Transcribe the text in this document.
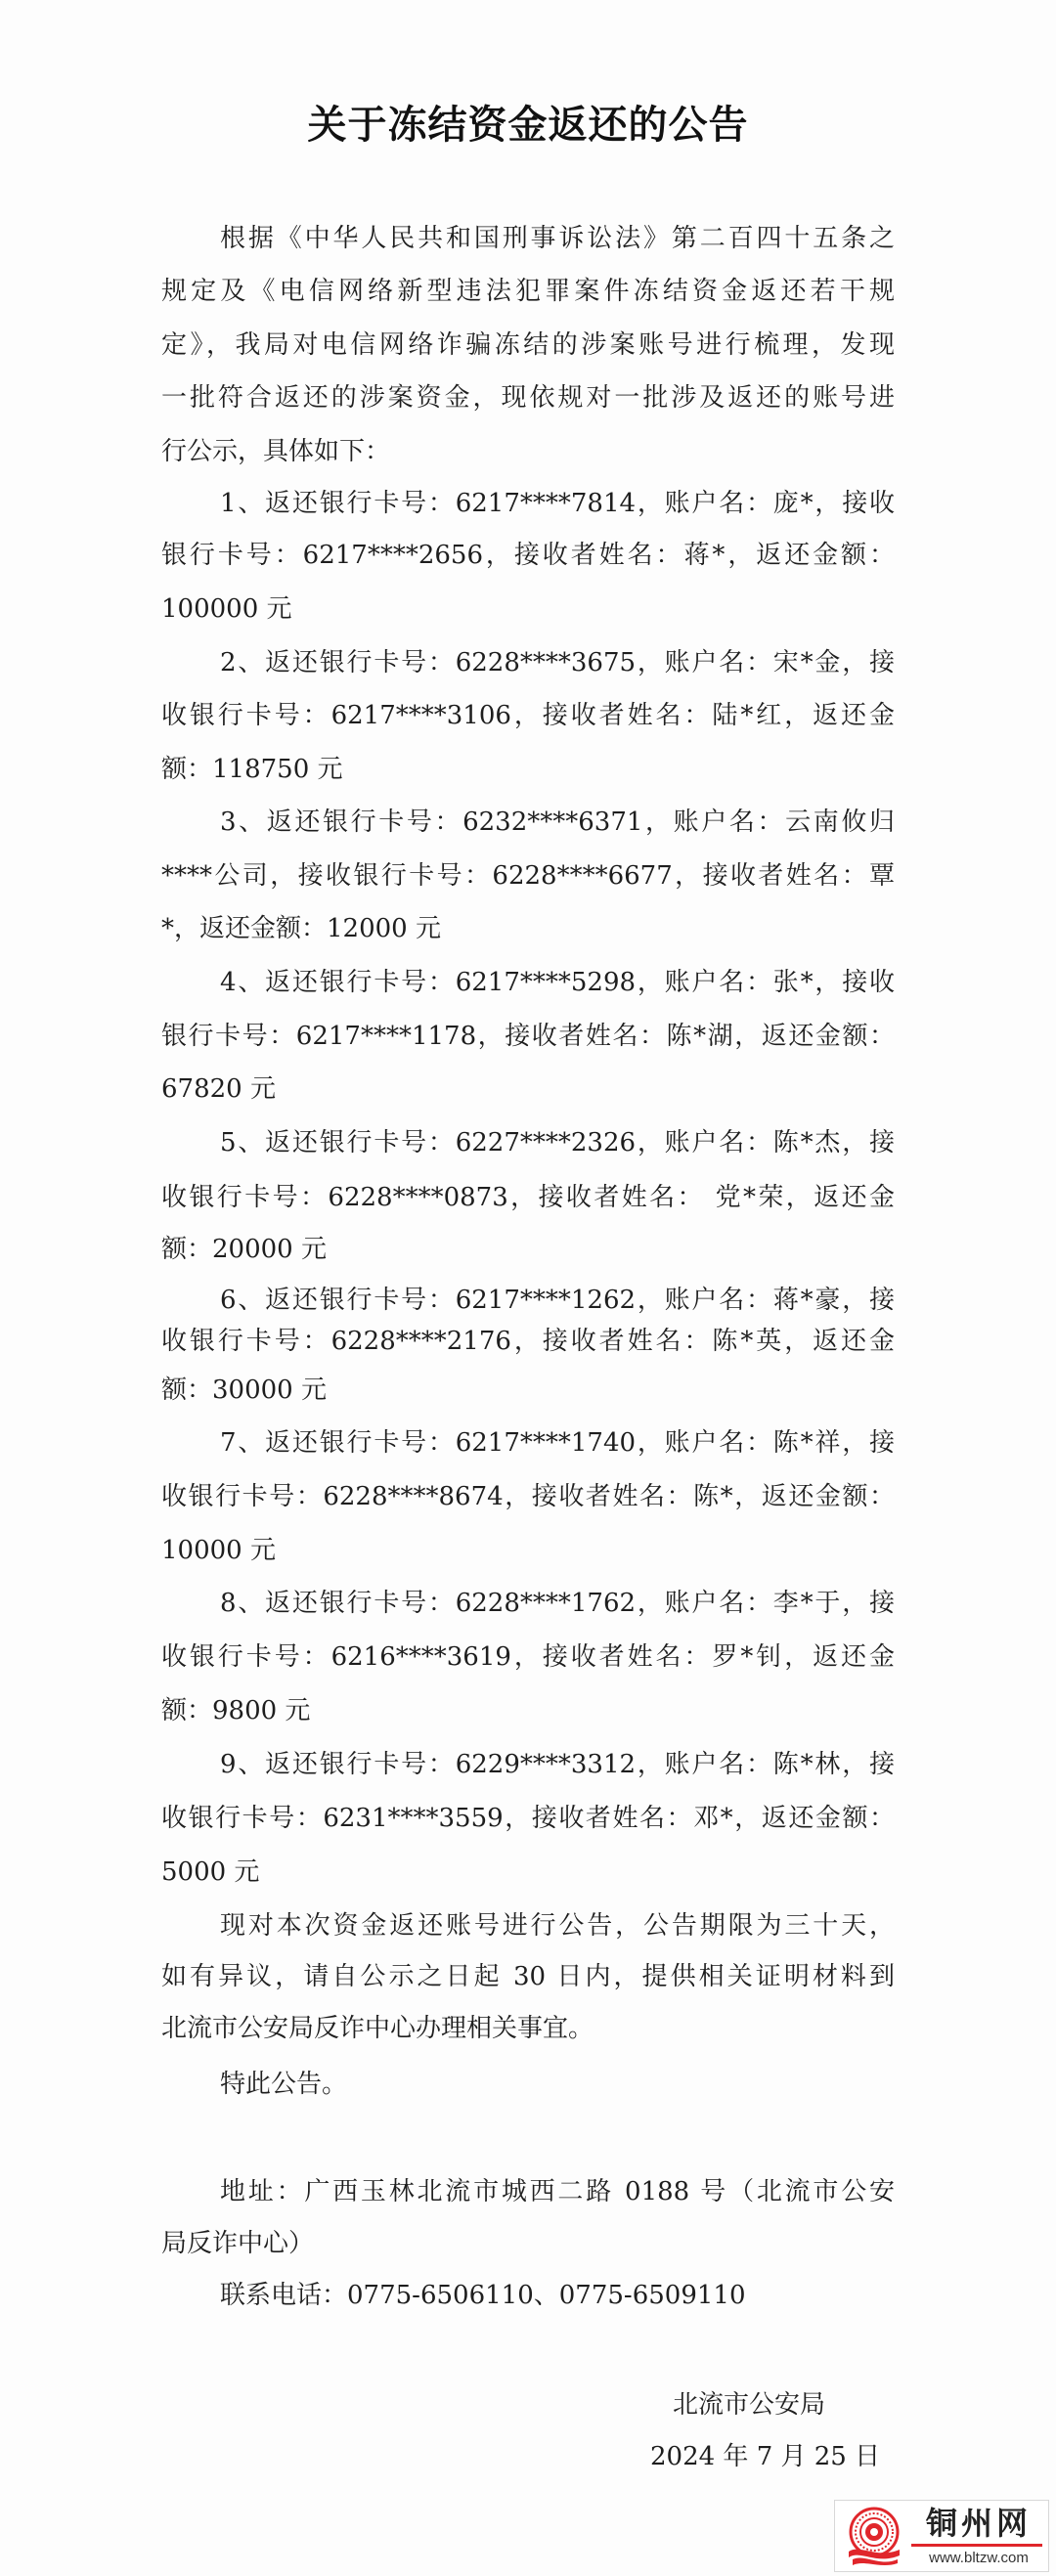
关于冻结资金返还的公告
根据《中华人民共和国刑事诉讼法》第二百四十五条之
规定及《电信网络新型违法犯罪案件冻结资金返还若干规
定》，我局对电信网络诈骗冻结的涉案账号进行梳理，发现
一批符合返还的涉案资金，现依规对一批涉及返还的账号进
行公示，具体如下：
1、返还银行卡号：6217****7814，账户名：庞*，接收
银行卡号：6217****2656，接收者姓名：蒋*，返还金额：
100000 元
2、返还银行卡号：6228****3675，账户名：宋*金，接
收银行卡号：6217****3106，接收者姓名：陆*红，返还金
额：118750 元
3、返还银行卡号：6232****6371，账户名：云南攸归
****公司，接收银行卡号：6228****6677，接收者姓名：覃
*，返还金额：12000 元
4、返还银行卡号：6217****5298，账户名：张*，接收
银行卡号：6217****1178，接收者姓名：陈*湖，返还金额：
67820 元
5、返还银行卡号：6227****2326，账户名：陈*杰，接
收银行卡号：6228****0873，接收者姓名： 党*荣，返还金
额：20000 元
6、返还银行卡号：6217****1262，账户名：蒋*豪，接
收银行卡号：6228****2176，接收者姓名：陈*英，返还金
额：30000 元
7、返还银行卡号：6217****1740，账户名：陈*祥，接
收银行卡号：6228****8674，接收者姓名：陈*，返还金额：
10000 元
8、返还银行卡号：6228****1762，账户名：李*于，接
收银行卡号：6216****3619，接收者姓名：罗*钊，返还金
额：9800 元
9、返还银行卡号：6229****3312，账户名：陈*林，接
收银行卡号：6231****3559，接收者姓名：邓*，返还金额：
5000 元
现对本次资金返还账号进行公告，公告期限为三十天，
如有异议，请自公示之日起 30 日内，提供相关证明材料到
北流市公安局反诈中心办理相关事宜。
特此公告。
地址：广西玉林北流市城西二路 0188 号（北流市公安
局反诈中心）
联系电话：0775-6506110、0775-6509110
北流市公安局
2024 年 7 月 25 日
铜州网
www.bltzw.com
